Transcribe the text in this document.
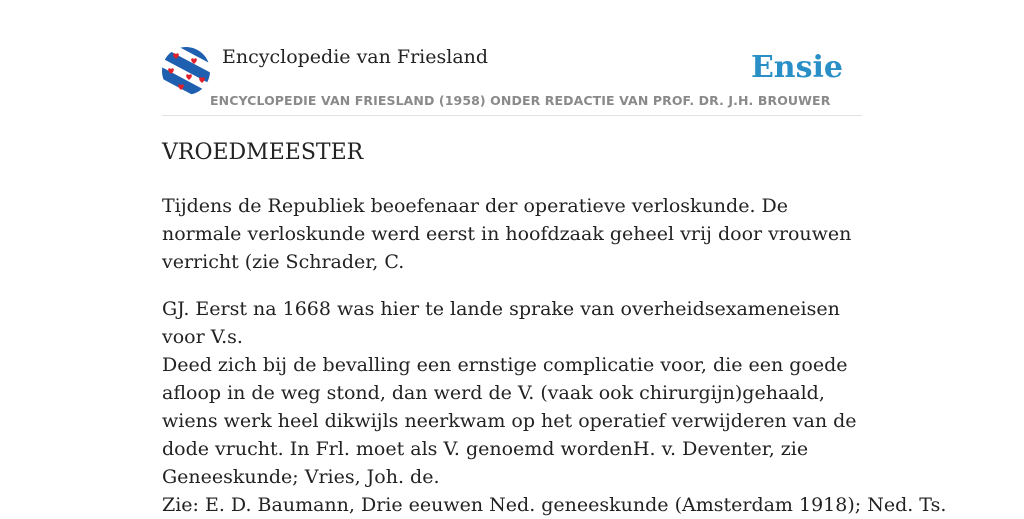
Encyclopedie van Friesland	Ensie
ENCYCLOPEDIE VAN FRIESLAND (1958) ONDER REDACTIE VAN PROF. DR. J.H. BROUWER
VROEDMEESTER

Tijdens de Republiek beoefenaar der operatieve verloskunde. De normale verloskunde werd eerst in hoofdzaak geheel vrij door vrouwen verricht (zie Schrader, C.

GJ. Eerst na 1668 was hier te lande sprake van overheidsexameneisen voor V.s.

Deed zich bij de bevalling een ernstige complicatie voor, die een goede afloop in de weg stond, dan werd de V. (vaak ook chirurgijn)gehaald, wiens werk heel dikwijls neerkwam op het operatief verwijderen van de dode vrucht. In Frl. moet als V. genoemd wordenH. v. Deventer, zie Geneeskunde; Vries, Joh. de.

Zie: E. D. Baumann, Drie eeuwen Ned. geneeskunde (Amsterdam 1918); Ned. Ts.
